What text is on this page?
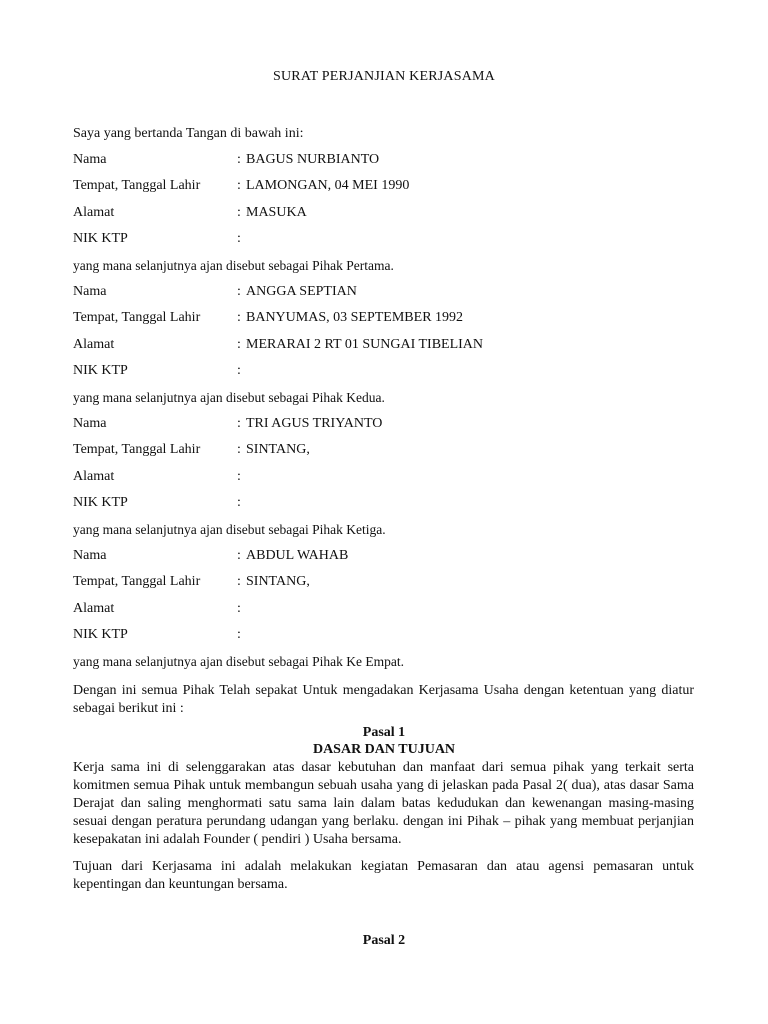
SURAT PERJANJIAN KERJASAMA
Saya yang bertanda Tangan di bawah ini:
Nama	: BAGUS NURBIANTO
Tempat, Tanggal Lahir	: LAMONGAN, 04 MEI 1990
Alamat	: MASUKA
NIK KTP	:
yang mana selanjutnya ajan disebut sebagai Pihak Pertama.
Nama	: ANGGA SEPTIAN
Tempat, Tanggal Lahir	: BANYUMAS, 03 SEPTEMBER 1992
Alamat	: MERARAI 2 RT 01 SUNGAI TIBELIAN
NIK KTP	:
yang mana selanjutnya ajan disebut sebagai Pihak Kedua.
Nama	: TRI AGUS TRIYANTO
Tempat, Tanggal Lahir	: SINTANG,
Alamat	:
NIK KTP	:
yang mana selanjutnya ajan disebut sebagai Pihak Ketiga.
Nama	: ABDUL WAHAB
Tempat, Tanggal Lahir	: SINTANG,
Alamat	:
NIK KTP	:
yang mana selanjutnya ajan disebut sebagai Pihak Ke Empat.
Dengan ini semua Pihak Telah sepakat Untuk mengadakan Kerjasama Usaha dengan ketentuan yang diatur sebagai berikut ini :
Pasal 1
DASAR DAN TUJUAN
Kerja sama ini di selenggarakan atas dasar kebutuhan dan manfaat dari semua pihak yang terkait serta komitmen semua Pihak untuk membangun sebuah usaha yang di jelaskan pada Pasal 2( dua), atas dasar Sama Derajat dan saling menghormati satu sama lain dalam batas kedudukan dan kewenangan masing-masing sesuai dengan peratura perundang udangan yang berlaku. dengan ini Pihak – pihak yang membuat perjanjian kesepakatan ini adalah Founder ( pendiri ) Usaha bersama.
Tujuan dari Kerjasama ini adalah melakukan kegiatan Pemasaran dan atau agensi pemasaran untuk kepentingan dan keuntungan bersama.
Pasal 2
